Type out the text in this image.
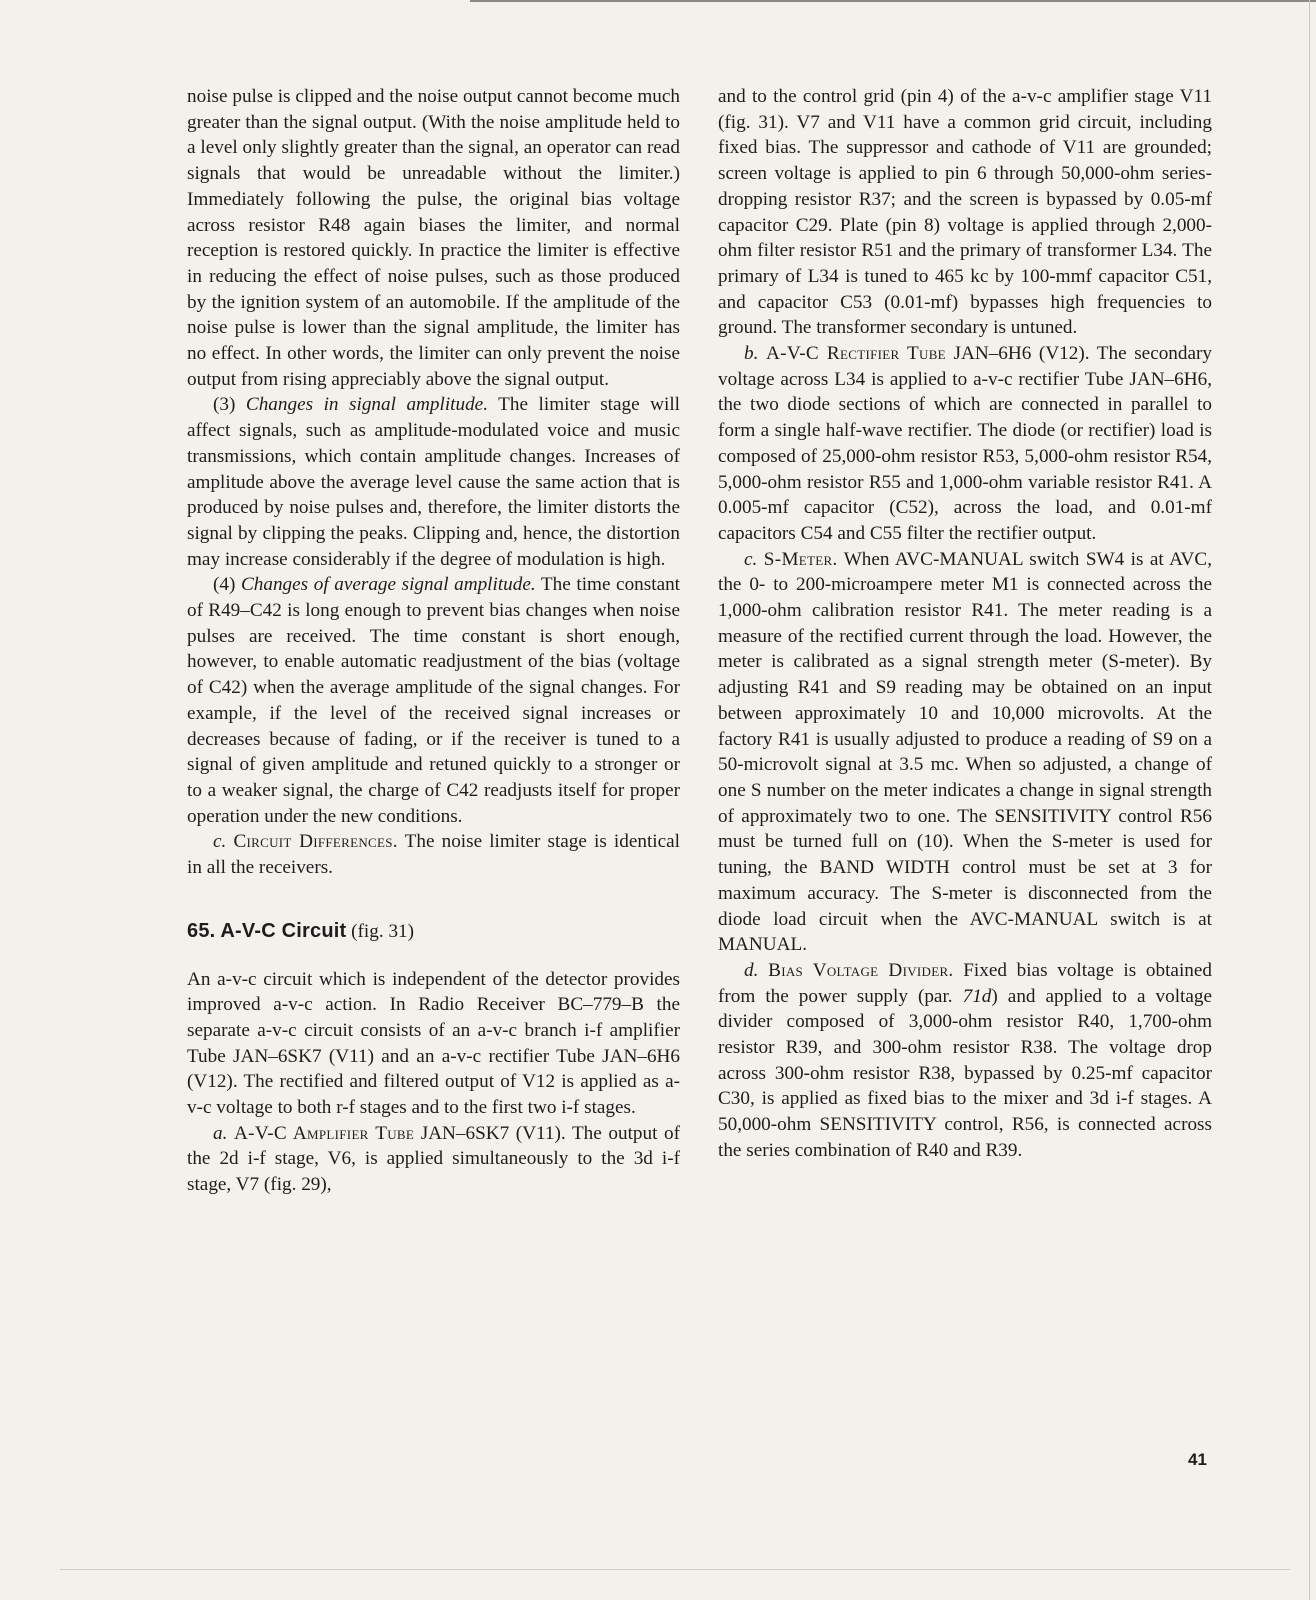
noise pulse is clipped and the noise output cannot become much greater than the signal output. (With the noise amplitude held to a level only slightly greater than the signal, an operator can read signals that would be unreadable without the limiter.) Immediately following the pulse, the original bias voltage across resistor R48 again biases the limiter, and normal reception is restored quickly. In practice the limiter is effective in reducing the effect of noise pulses, such as those produced by the ignition system of an automobile. If the amplitude of the noise pulse is lower than the signal amplitude, the limiter has no effect. In other words, the limiter can only prevent the noise output from rising appreciably above the signal output.

(3) Changes in signal amplitude. The limiter stage will affect signals, such as amplitude-modulated voice and music transmissions, which contain amplitude changes. Increases of amplitude above the average level cause the same action that is produced by noise pulses and, therefore, the limiter distorts the signal by clipping the peaks. Clipping and, hence, the distortion may increase considerably if the degree of modulation is high.

(4) Changes of average signal amplitude. The time constant of R49–C42 is long enough to prevent bias changes when noise pulses are received. The time constant is short enough, however, to enable automatic readjustment of the bias (voltage of C42) when the average amplitude of the signal changes. For example, if the level of the received signal increases or decreases because of fading, or if the receiver is tuned to a signal of given amplitude and retuned quickly to a stronger or to a weaker signal, the charge of C42 readjusts itself for proper operation under the new conditions.

c. Circuit Differences. The noise limiter stage is identical in all the receivers.

65. A-V-C Circuit (fig. 31)

An a-v-c circuit which is independent of the detector provides improved a-v-c action. In Radio Receiver BC–779–B the separate a-v-c circuit consists of an a-v-c branch i-f amplifier Tube JAN–6SK7 (V11) and an a-v-c rectifier Tube JAN–6H6 (V12). The rectified and filtered output of V12 is applied as a-v-c voltage to both r-f stages and to the first two i-f stages.

a. A-V-C Amplifier Tube JAN–6SK7 (V11). The output of the 2d i-f stage, V6, is applied simultaneously to the 3d i-f stage, V7 (fig. 29),

and to the control grid (pin 4) of the a-v-c amplifier stage V11 (fig. 31). V7 and V11 have a common grid circuit, including fixed bias. The suppressor and cathode of V11 are grounded; screen voltage is applied to pin 6 through 50,000-ohm series-dropping resistor R37; and the screen is bypassed by 0.05-mf capacitor C29. Plate (pin 8) voltage is applied through 2,000-ohm filter resistor R51 and the primary of transformer L34. The primary of L34 is tuned to 465 kc by 100-mmf capacitor C51, and capacitor C53 (0.01-mf) bypasses high frequencies to ground. The transformer secondary is untuned.

b. A-V-C Rectifier Tube JAN–6H6 (V12). The secondary voltage across L34 is applied to a-v-c rectifier Tube JAN–6H6, the two diode sections of which are connected in parallel to form a single half-wave rectifier. The diode (or rectifier) load is composed of 25,000-ohm resistor R53, 5,000-ohm resistor R54, 5,000-ohm resistor R55 and 1,000-ohm variable resistor R41. A 0.005-mf capacitor (C52), across the load, and 0.01-mf capacitors C54 and C55 filter the rectifier output.

c. S-Meter. When AVC-MANUAL switch SW4 is at AVC, the 0- to 200-microampere meter M1 is connected across the 1,000-ohm calibration resistor R41. The meter reading is a measure of the rectified current through the load. However, the meter is calibrated as a signal strength meter (S-meter). By adjusting R41 and S9 reading may be obtained on an input between approximately 10 and 10,000 microvolts. At the factory R41 is usually adjusted to produce a reading of S9 on a 50-microvolt signal at 3.5 mc. When so adjusted, a change of one S number on the meter indicates a change in signal strength of approximately two to one. The SENSITIVITY control R56 must be turned full on (10). When the S-meter is used for tuning, the BAND WIDTH control must be set at 3 for maximum accuracy. The S-meter is disconnected from the diode load circuit when the AVC-MANUAL switch is at MANUAL.

d. Bias Voltage Divider. Fixed bias voltage is obtained from the power supply (par. 71d) and applied to a voltage divider composed of 3,000-ohm resistor R40, 1,700-ohm resistor R39, and 300-ohm resistor R38. The voltage drop across 300-ohm resistor R38, bypassed by 0.25-mf capacitor C30, is applied as fixed bias to the mixer and 3d i-f stages. A 50,000-ohm SENSITIVITY control, R56, is connected across the series combination of R40 and R39.

41
